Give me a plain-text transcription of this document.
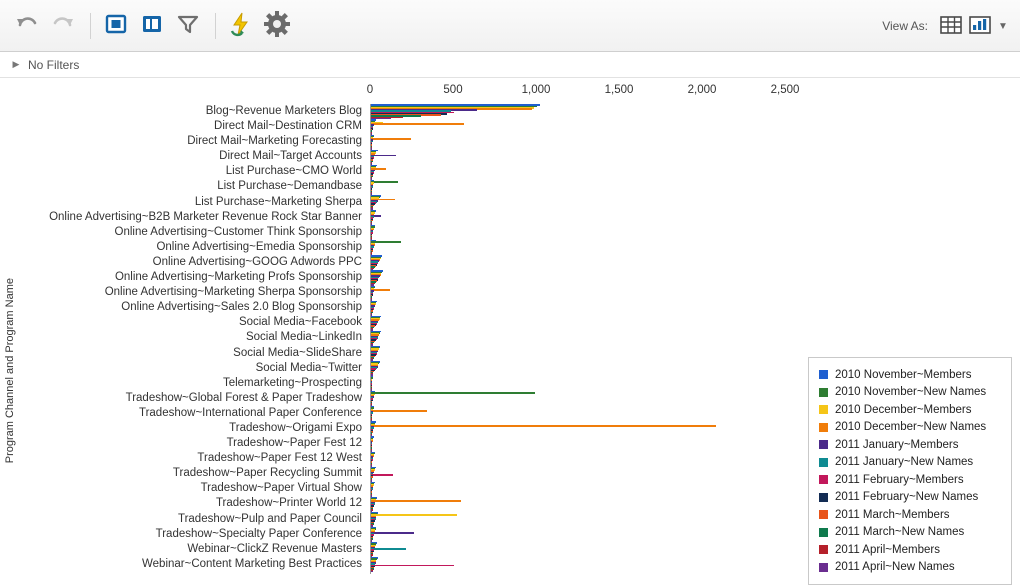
View As:	▼
▶ No Filters
Program Channel and Program Name
0	500	1,000	1,500	2,000	2,500
Blog~Revenue Marketers Blog
Direct Mail~Destination CRM
Direct Mail~Marketing Forecasting
Direct Mail~Target Accounts
List Purchase~CMO World
List Purchase~Demandbase
List Purchase~Marketing Sherpa
Online Advertising~B2B Marketer Revenue Rock Star Banner
Online Advertising~Customer Think Sponsorship
Online Advertising~Emedia Sponsorship
Online Advertising~GOOG Adwords PPC
Online Advertising~Marketing Profs Sponsorship
Online Advertising~Marketing Sherpa Sponsorship
Online Advertising~Sales 2.0 Blog Sponsorship
Social Media~Facebook
Social Media~LinkedIn
Social Media~SlideShare
Social Media~Twitter
Telemarketing~Prospecting
Tradeshow~Global Forest & Paper Tradeshow
Tradeshow~International Paper Conference
Tradeshow~Origami Expo
Tradeshow~Paper Fest 12
Tradeshow~Paper Fest 12 West
Tradeshow~Paper Recycling Summit
Tradeshow~Paper Virtual Show
Tradeshow~Printer World 12
Tradeshow~Pulp and Paper Council
Tradeshow~Specialty Paper Conference
Webinar~ClickZ Revenue Masters
Webinar~Content Marketing Best Practices
2010 November~Members
2010 November~New Names
2010 December~Members
2010 December~New Names
2011 January~Members
2011 January~New Names
2011 February~Members
2011 February~New Names
2011 March~Members
2011 March~New Names
2011 April~Members
2011 April~New Names
